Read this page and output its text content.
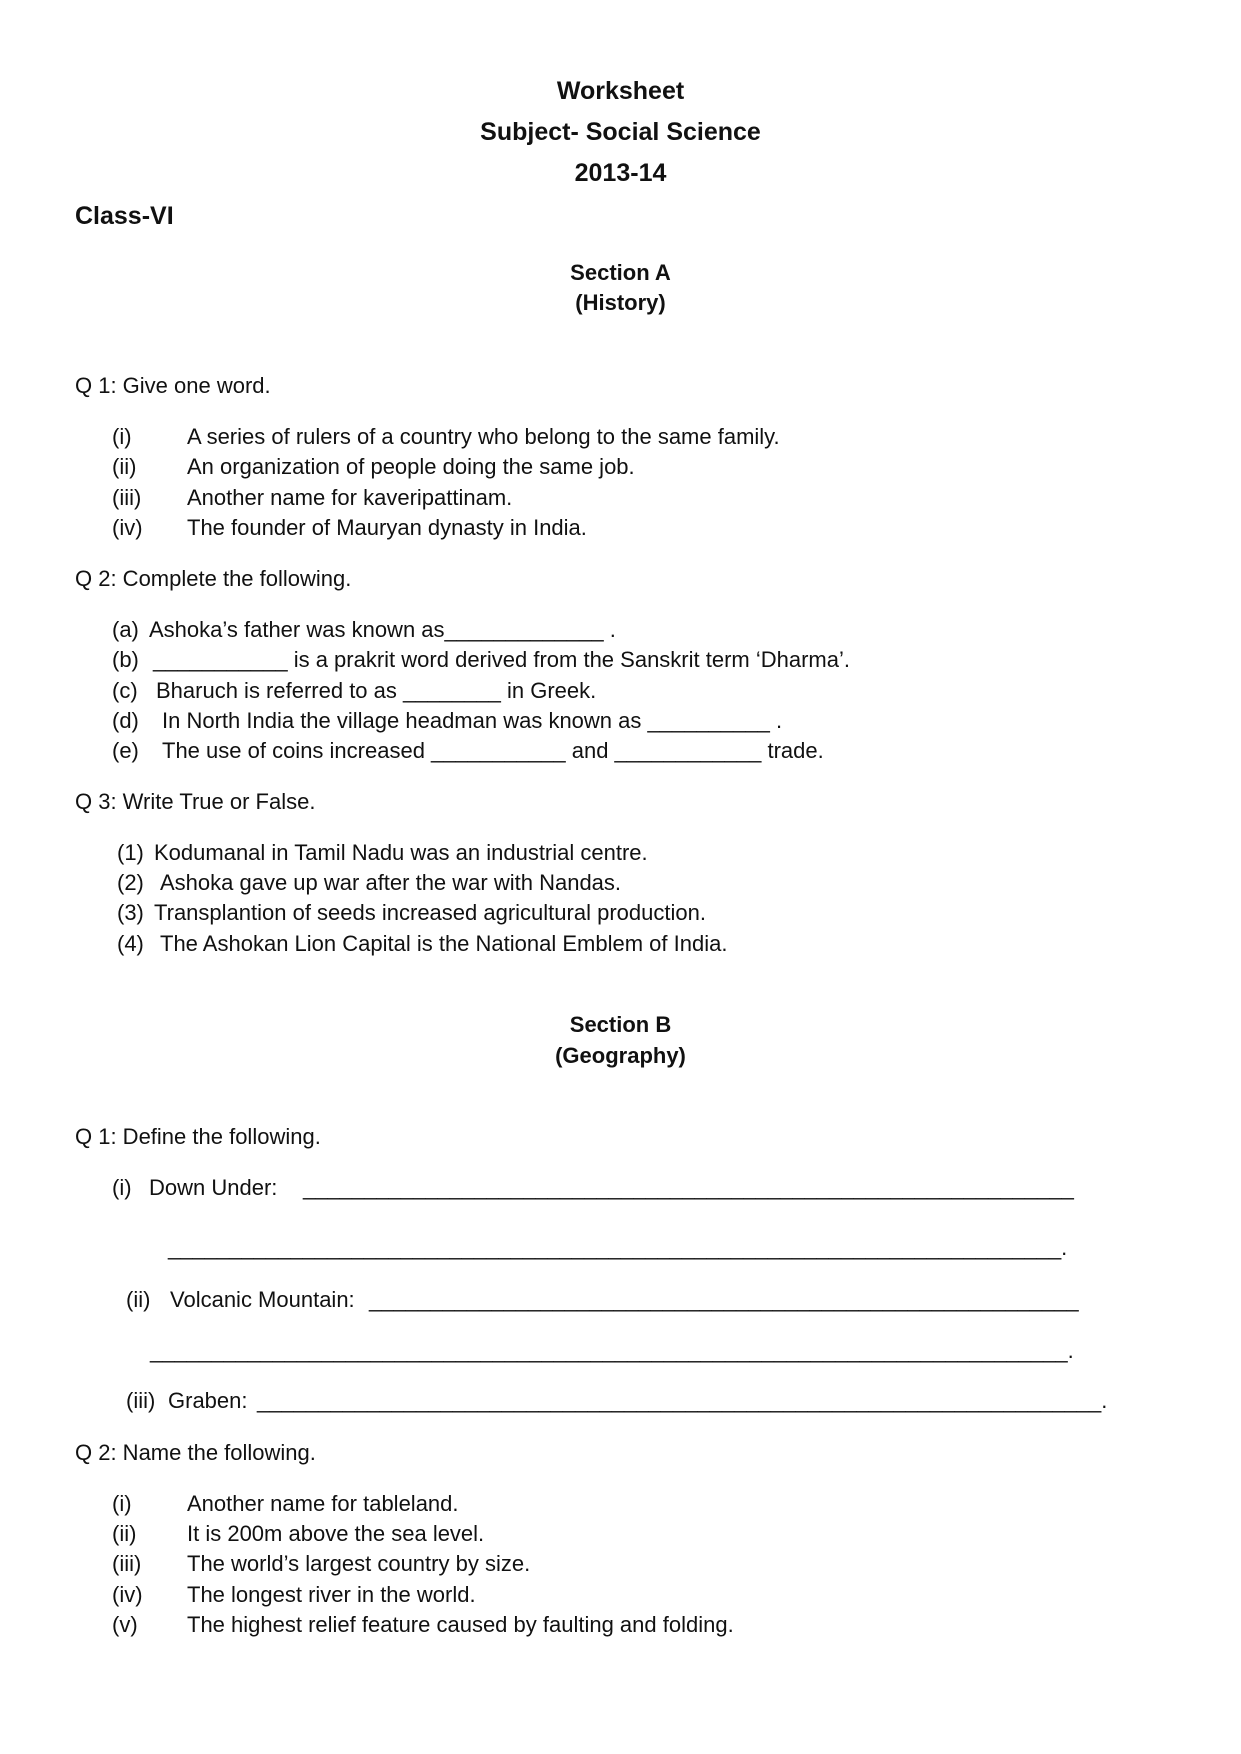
Worksheet
Subject- Social Science
2013-14
Class-VI
Section A
(History)
Q 1: Give one word.
(i)	A series of rulers of a country who belong to the same family.
(ii) An organization of people doing the same job.
(iii) Another name for kaveripattinam.
(iv) The founder of Mauryan dynasty in India.
Q 2: Complete the following.
(a) Ashoka’s father was known as_____________ .
(b) ___________ is a prakrit word derived from the Sanskrit term ‘Dharma’.
(c) Bharuch is referred to as ________ in Greek.
(d) In North India the village headman was known as __________ .
(e) The use of coins increased ___________ and ____________ trade.
Q 3: Write True or False.
(1) Kodumanal in Tamil Nadu was an industrial centre.
(2) Ashoka gave up war after the war with Nandas.
(3) Transplantion of seeds increased agricultural production.
(4) The Ashokan Lion Capital is the National Emblem of India.
Section B
(Geography)
Q 1: Define the following.
(i) Down Under: _______________________________________________________________
_________________________________________________________________________.
(ii) Volcanic Mountain: __________________________________________________________
___________________________________________________________________________.
(iii) Graben: _____________________________________________________________________.
Q 2: Name the following.
(i)	Another name for tableland.
(ii) It is 200m above the sea level.
(iii) The world’s largest country by size.
(iv) The longest river in the world.
(v) The highest relief feature caused by faulting and folding.
